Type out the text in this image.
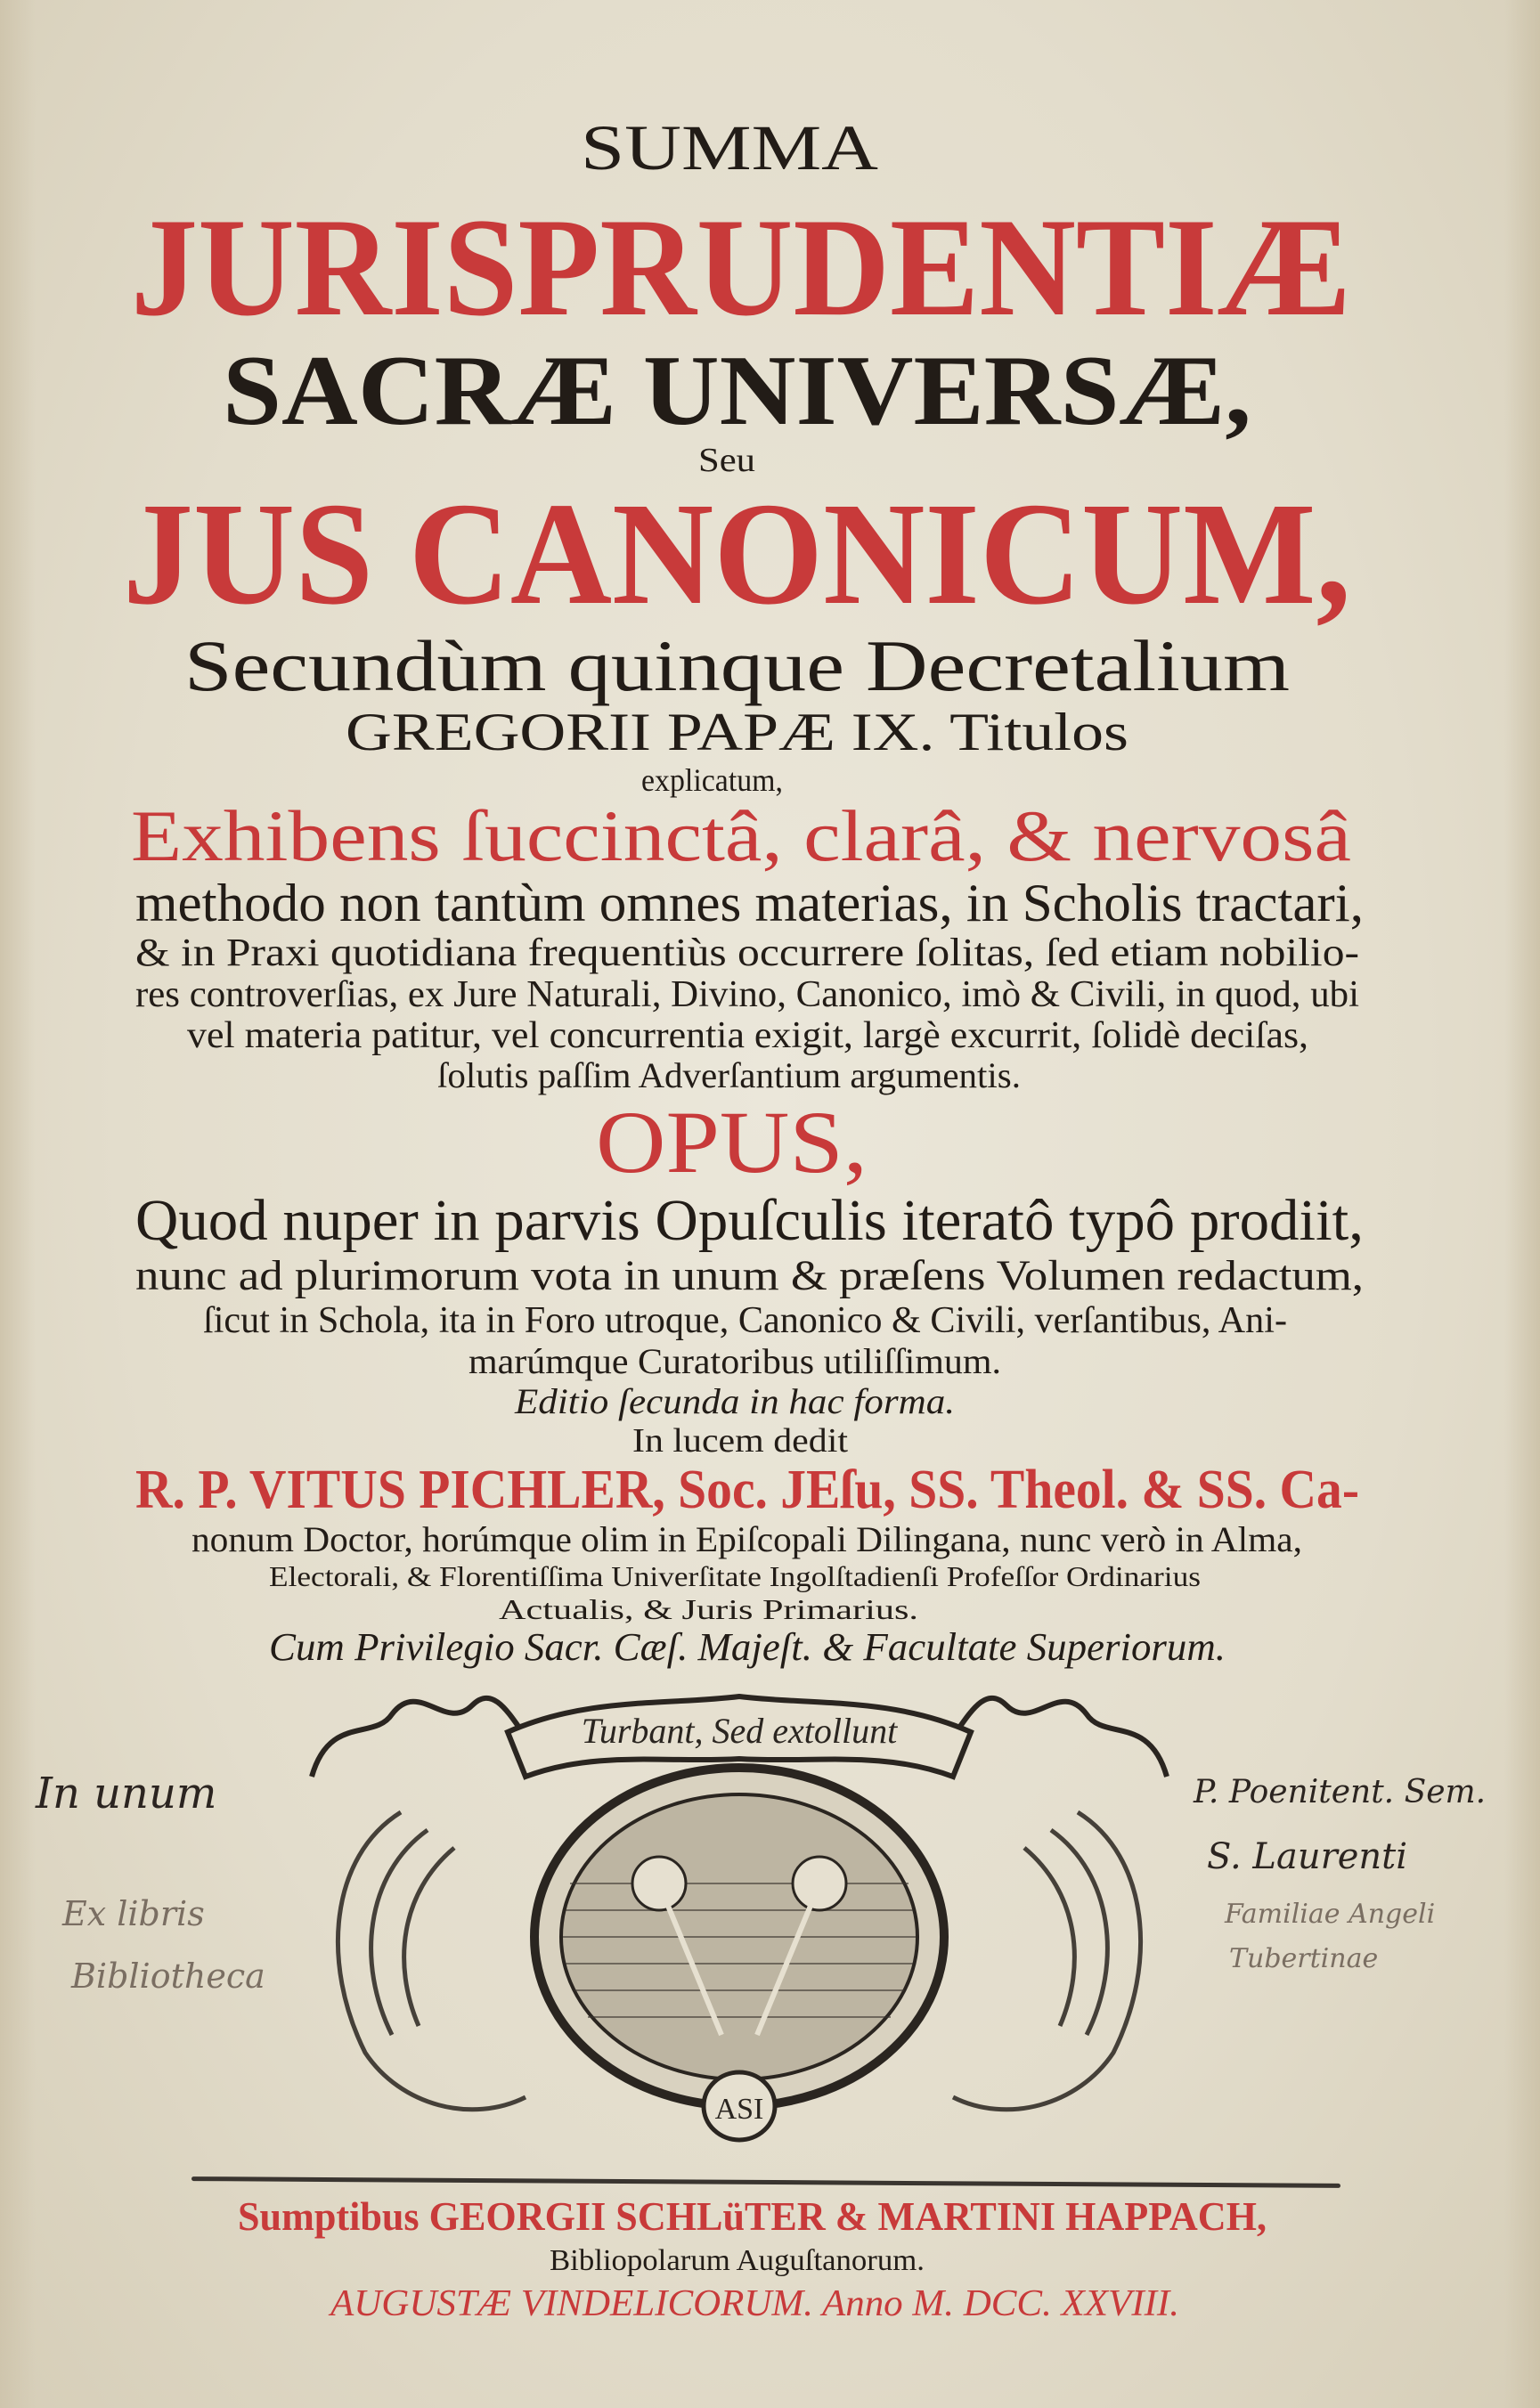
SUMMA
JURISPRUDENTIÆ
SACRÆ UNIVERSÆ,
Seu
JUS CANONICUM,
Secundùm quinque Decretalium
GREGORII PAPÆ IX. Titulos
explicatum,
Exhibens ſuccinctâ, clarâ, & nervosâ
methodo non tantùm omnes materias, in Scholis tractari,
& in Praxi quotidiana frequentiùs occurrere ſolitas, ſed etiam nobilio-
res controverſias, ex Jure Naturali, Divino, Canonico, imò & Civili, in quod, ubi
vel materia patitur, vel concurrentia exigit, largè excurrit, ſolidè deciſas,
ſolutis paſſim Adverſantium argumentis.
OPUS,
Quod nuper in parvis Opuſculis iteratô typô prodiit,
nunc ad plurimorum vota in unum & præſens Volumen redactum,
ſicut in Schola, ita in Foro utroque, Canonico & Civili, verſantibus, Ani-
marúmque Curatoribus utiliſſimum.
Editio ſecunda in hac forma.
In lucem dedit
R. P. VITUS PICHLER, Soc. JEſu, SS. Theol. & SS. Ca-
nonum Doctor, horúmque olim in Epiſcopali Dilingana, nunc verò in Alma,
Electorali, & Florentiſſima Univerſitate Ingolſtadienſi Profeſſor Ordinarius
Actualis, & Juris Primarius.
Cum Privilegio Sacr. Cæſ. Majeſt. & Facultate Superiorum.
ASI
Turbant, Sed extollunt
In unum
Ex libris
Bibliotheca
P. Poenitent. Sem.
S. Laurenti
Familiae Angeli
Tubertinae
Sumptibus GEORGII SCHLüTER & MARTINI HAPPACH,
Bibliopolarum Auguſtanorum.
AUGUSTÆ VINDELICORUM. Anno M. DCC. XXVIII.
